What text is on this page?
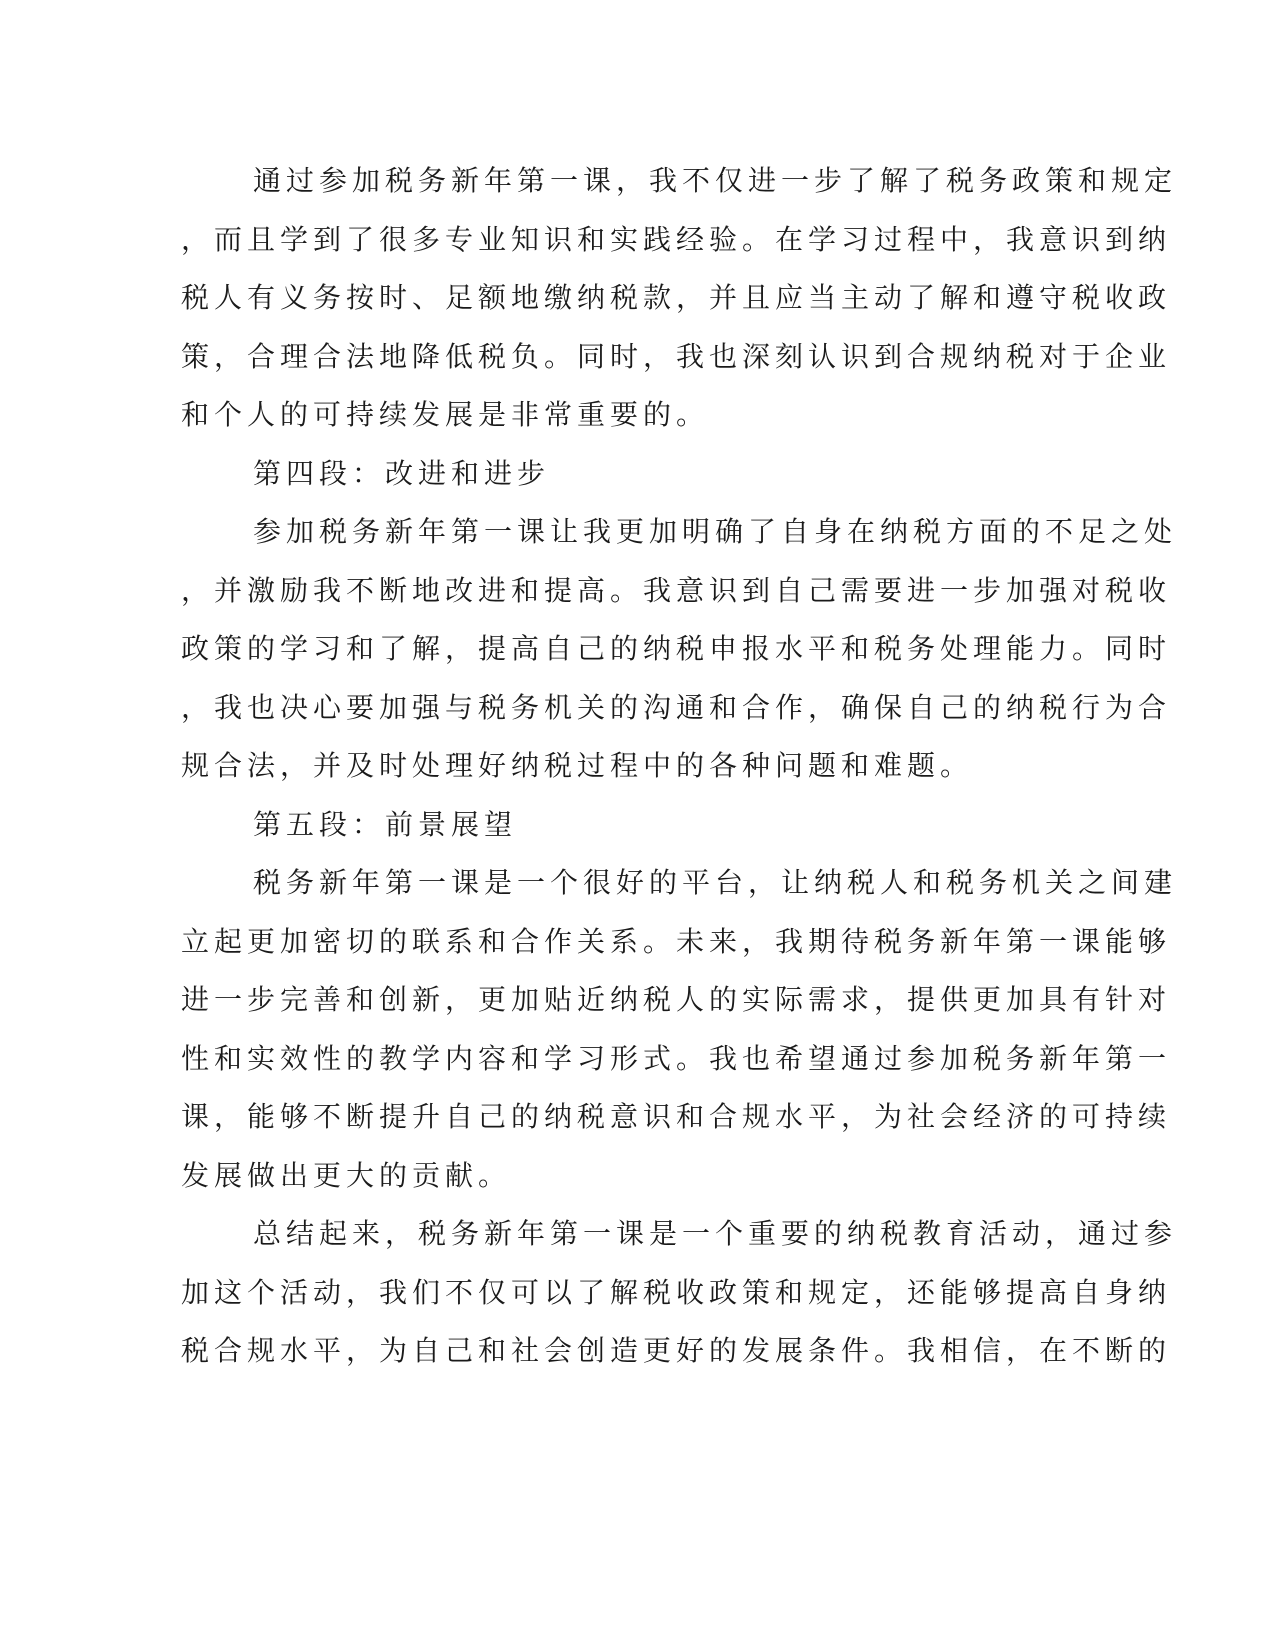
通过参加税务新年第一课，我不仅进一步了解了税务政策和规定
，而且学到了很多专业知识和实践经验。在学习过程中，我意识到纳
税人有义务按时、足额地缴纳税款，并且应当主动了解和遵守税收政
策，合理合法地降低税负。同时，我也深刻认识到合规纳税对于企业
和个人的可持续发展是非常重要的。
第四段：改进和进步
参加税务新年第一课让我更加明确了自身在纳税方面的不足之处
，并激励我不断地改进和提高。我意识到自己需要进一步加强对税收
政策的学习和了解，提高自己的纳税申报水平和税务处理能力。同时
，我也决心要加强与税务机关的沟通和合作，确保自己的纳税行为合
规合法，并及时处理好纳税过程中的各种问题和难题。
第五段：前景展望
税务新年第一课是一个很好的平台，让纳税人和税务机关之间建
立起更加密切的联系和合作关系。未来，我期待税务新年第一课能够
进一步完善和创新，更加贴近纳税人的实际需求，提供更加具有针对
性和实效性的教学内容和学习形式。我也希望通过参加税务新年第一
课，能够不断提升自己的纳税意识和合规水平，为社会经济的可持续
发展做出更大的贡献。
总结起来，税务新年第一课是一个重要的纳税教育活动，通过参
加这个活动，我们不仅可以了解税收政策和规定，还能够提高自身纳
税合规水平，为自己和社会创造更好的发展条件。我相信，在不断的
